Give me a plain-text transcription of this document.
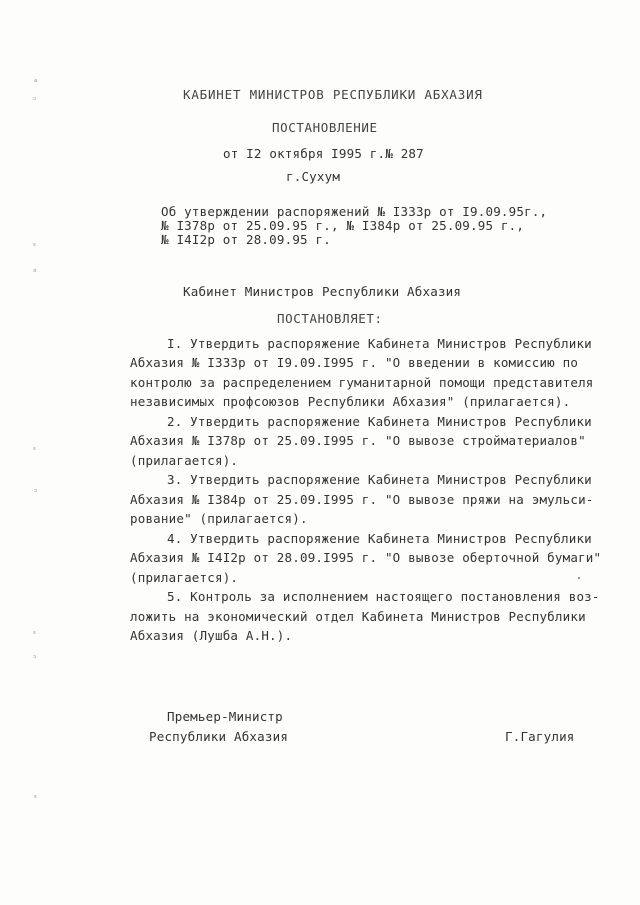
ᵃ
ᵓ
ᵋ
ᵊ
ᵋ
ᵓ
ᵋ
ᵓ
ᵋ
КАБИНЕТ МИНИСТРОВ РЕСПУБЛИКИ АБХАЗИЯ
ПОСТАНОВЛЕНИЕ
от I2 октября I995 г.№ 287
г.Сухум
Об утверждении распоряжений № I333р от I9.09.95г.,
№ I378р от 25.09.95 г., № I384р от 25.09.95 г.,
№ I4I2р от 28.09.95 г.
Кабинет Министров Республики Абхазия
ПОСТАНОВЛЯЕТ:
I. Утвердить распоряжение Кабинета Министров Республики
Абхазия № I333р от I9.09.I995 г. "О введении в комиссию по
контролю за распределением гуманитарной помощи представителя
независимых профсоюзов Республики Абхазия" (прилагается).
2. Утвердить распоряжение Кабинета Министров Республики
Абхазия № I378р от 25.09.I995 г. "О вывозе стройматериалов"
(прилагается).
3. Утвердить распоряжение Кабинета Министров Республики
Абхазия № I384р от 25.09.I995 г. "О вывозе пряжи на эмульси-
рование" (прилагается).
4. Утвердить распоряжение Кабинета Министров Республики
Абхазия № I4I2р от 28.09.I995 г. "О вывозе оберточной бумаги"
(прилагается).
5. Контроль за исполнением настоящего постановления воз-
ложить на экономический отдел Кабинета Министров Республики
Абхазия (Лушба А.Н.).
Премьер-Министр
Республики Абхазия	Г.Гагулия
